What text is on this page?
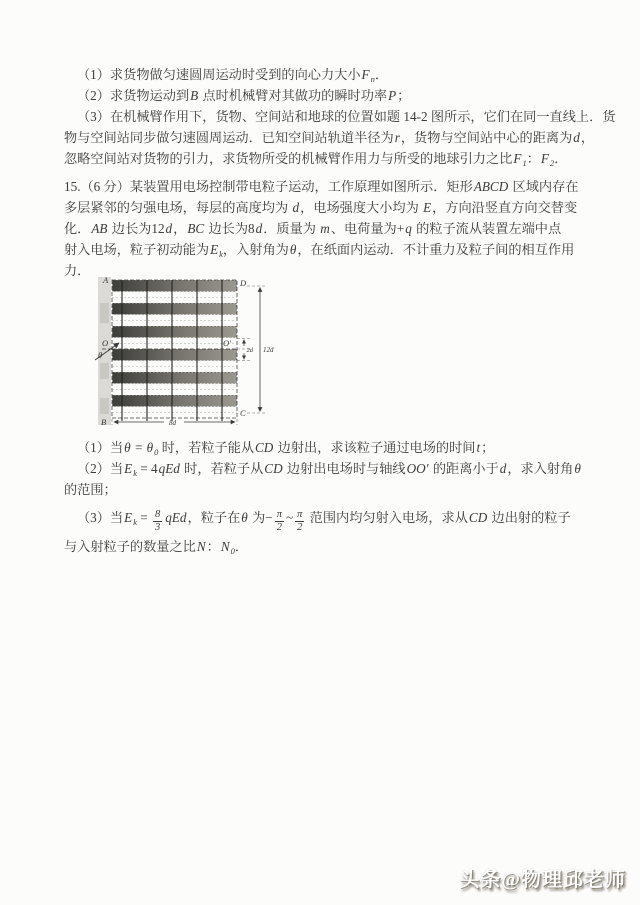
（1）求货物做匀速圆周运动时受到的向心力大小$F_n$．
（2）求货物运动到B 点时机械臂对其做功的瞬时功率P；
（3）在机械臂作用下，货物、空间站和地球的位置如题 14-2 图所示，它们在同一直线上．货
物与空间站同步做匀速圆周运动．已知空间站轨道半径为r，货物与空间站中心的距离为d，
忽略空间站对货物的引力，求货物所受的机械臂作用力与所受的地球引力之比$F_1$：$F_2$．
15.（6 分）某装置用电场控制带电粒子运动，工作原理如图所示．矩形ABCD 区域内存在
多层紧邻的匀强电场，每层的高度均为 d，电场强度大小均为 E，方向沿竖直方向交替变
化．AB 边长为12d，BC 边长为8d．质量为 m、电荷量为+q 的粒子流从装置左端中点
射入电场，粒子初动能为$E_k$，入射角为θ，在纸面内运动．不计重力及粒子间的相互作用
力．
A	D
B
C
O	O′
θ	2d 12d
8d
（1）当$\theta = \theta_0$ 时，若粒子能从CD 边射出，求该粒子通过电场的时间t；
（2）当$E_k = 4qEd$ 时，若粒子从CD 边射出电场时与轴线OO′ 的距离小于d，求入射角θ
的范围；
（3）当$E_k = \frac{8}{3}$ qEd，粒子在θ 为− $\frac{\pi}{2}$ ~ $\frac{\pi}{2}$ 范围内均匀射入电场，求从CD 边出射的粒子
与入射粒子的数量之比N：$N_0$．
头条@物理邱老师
